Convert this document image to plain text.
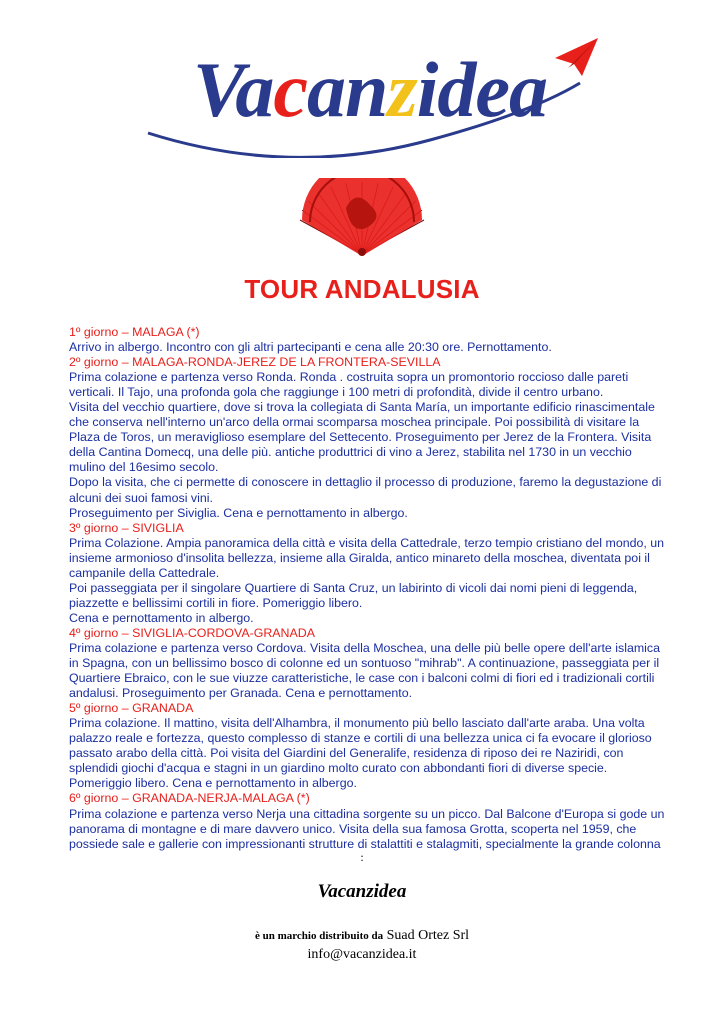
Vacanzidea
TOUR ANDALUSIA
1º giorno – MALAGA (*)
Arrivo in albergo. Incontro con gli altri partecipanti e cena alle 20:30 ore. Pernottamento.
2º giorno – MALAGA-RONDA-JEREZ DE LA FRONTERA-SEVILLA
Prima colazione e partenza verso Ronda. Ronda . costruita sopra un promontorio roccioso dalle pareti
verticali. Il Tajo, una profonda gola che raggiunge i 100 metri di profondità, divide il centro urbano.
Visita del vecchio quartiere, dove si trova la collegiata di Santa María, un importante edificio rinascimentale
che conserva nell'interno un'arco della ormai scomparsa moschea principale. Poi possibilità di visitare la
Plaza de Toros, un meraviglioso esemplare del Settecento. Proseguimento per Jerez de la Frontera. Visita
della Cantina Domecq, una delle più. antiche produttrici di vino a Jerez, stabilita nel 1730 in un vecchio
mulino del 16esimo secolo.
Dopo la visita, che ci permette di conoscere in dettaglio il processo di produzione, faremo la degustazione di
alcuni dei suoi famosi vini.
Proseguimento per Siviglia. Cena e pernottamento in albergo.
3º giorno – SIVIGLIA
Prima Colazione. Ampia panoramica della città e visita della Cattedrale, terzo tempio cristiano del mondo, un
insieme armonioso d'insolita bellezza, insieme alla Giralda, antico minareto della moschea, diventata poi il
campanile della Cattedrale.
Poi passeggiata per il singolare Quartiere di Santa Cruz, un labirinto di vicoli dai nomi pieni di leggenda,
piazzette e bellissimi cortili in fiore. Pomeriggio libero.
Cena e pernottamento in albergo.
4º giorno – SIVIGLIA-CORDOVA-GRANADA
Prima colazione e partenza verso Cordova. Visita della Moschea, una delle più belle opere dell'arte islamica
in Spagna, con un bellissimo bosco di colonne ed un sontuoso "mihrab". A continuazione, passeggiata per il
Quartiere Ebraico, con le sue viuzze caratteristiche, le case con i balconi colmi di fiori ed i tradizionali cortili
andalusi. Proseguimento per Granada. Cena e pernottamento.
5º giorno – GRANADA
Prima colazione. Il mattino, visita dell'Alhambra, il monumento più bello lasciato dall'arte araba. Una volta
palazzo reale e fortezza, questo complesso di stanze e cortili di una bellezza unica ci fa evocare il glorioso
passato arabo della città. Poi visita del Giardini del Generalife, residenza di riposo dei re Naziridi, con
splendidi giochi d'acqua e stagni in un giardino molto curato con abbondanti fiori di diverse specie.
Pomeriggio libero. Cena e pernottamento in albergo.
6º giorno – GRANADA-NERJA-MALAGA (*)
Prima colazione e partenza verso Nerja una cittadina sorgente su un picco. Dal Balcone d'Europa si gode un
panorama di montagne e di mare davvero unico. Visita della sua famosa Grotta, scoperta nel 1959, che
possiede sale e gallerie con impressionanti strutture di stalattiti e stalagmiti, specialmente la grande colonna
:
Vacanzidea
è un marchio distribuito da Suad Ortez Srl
info@vacanzidea.it
